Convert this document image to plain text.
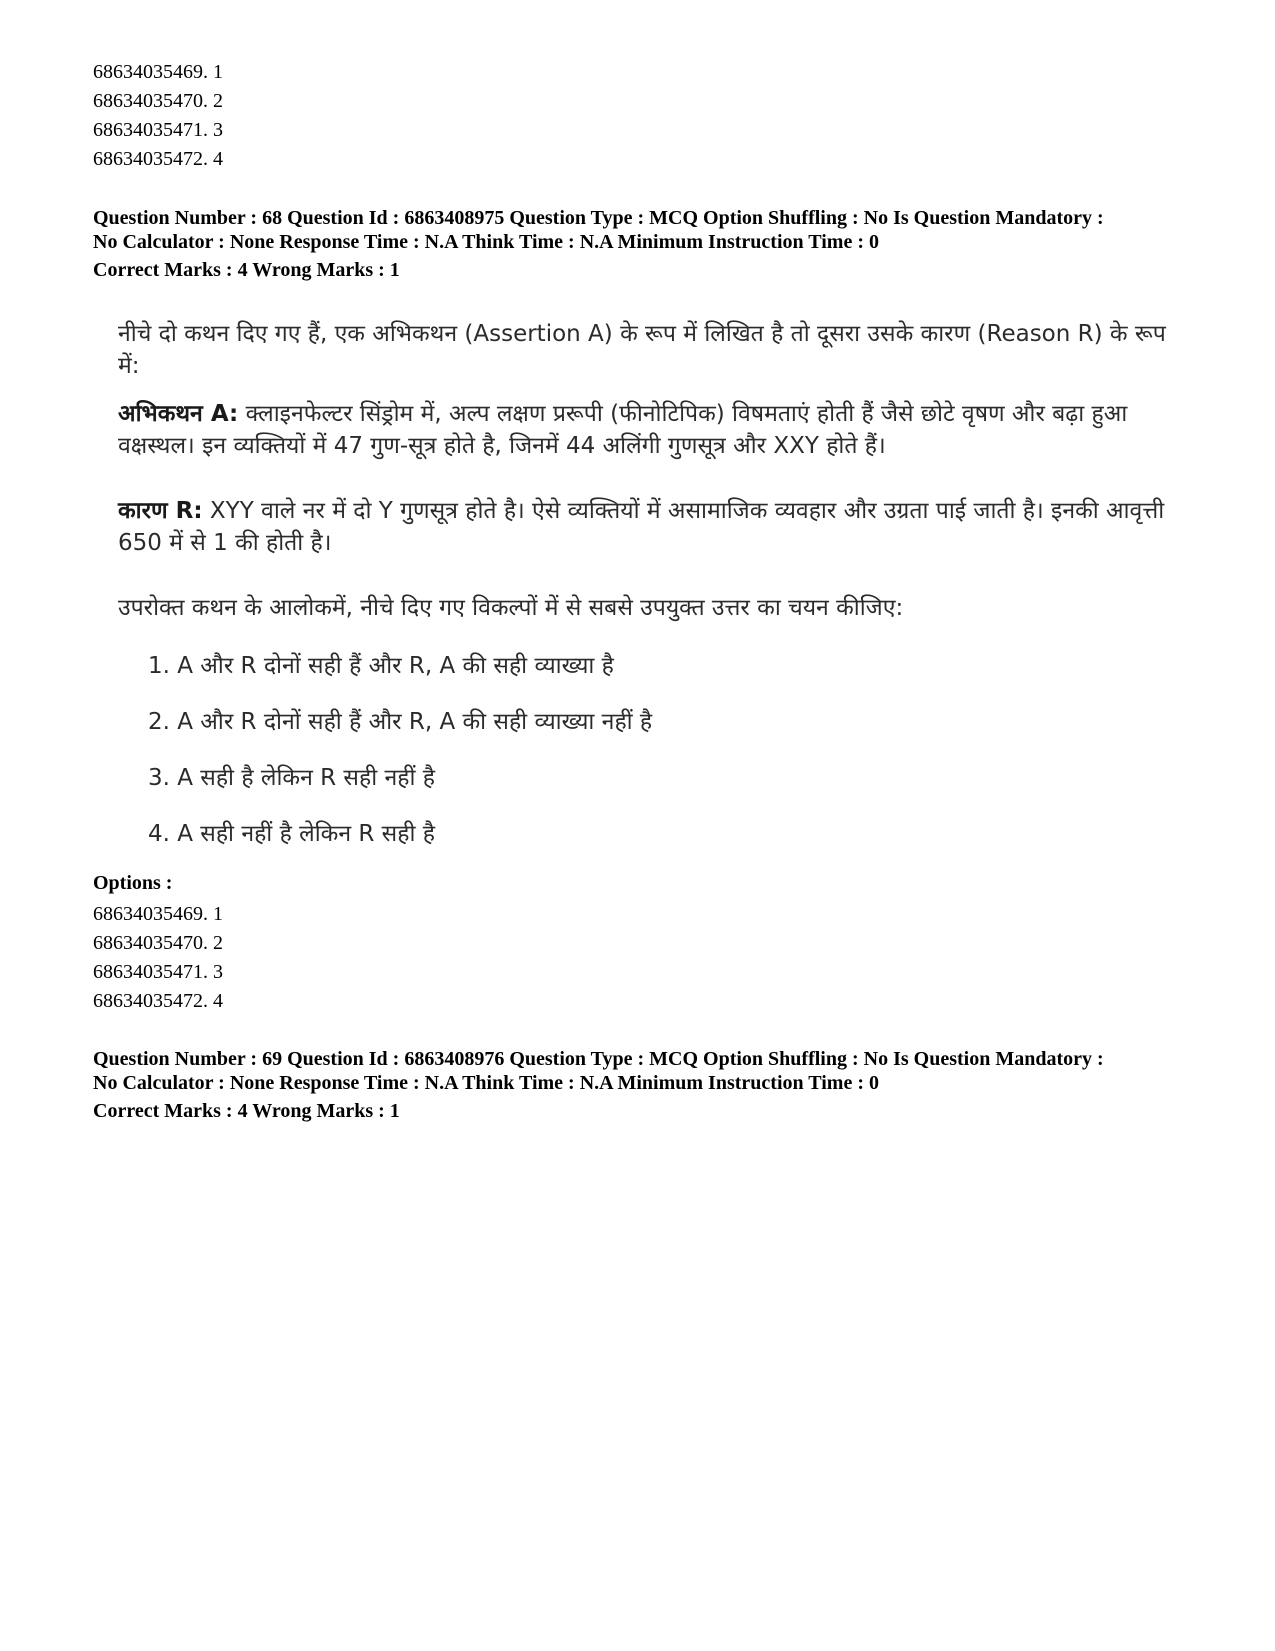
68634035469. 1
68634035470. 2
68634035471. 3
68634035472. 4
Question Number : 68 Question Id : 6863408975 Question Type : MCQ Option Shuffling : No Is Question Mandatory :
No Calculator : None Response Time : N.A Think Time : N.A Minimum Instruction Time : 0
Correct Marks : 4 Wrong Marks : 1

नीचे दो कथन दिए गए हैं, एक अभिकथन (Assertion A) के रूप में लिखित है तो दूसरा उसके कारण (Reason R) के रूप में:

अभिकथन A: क्लाइनफेल्टर सिंड्रोम में, अल्प लक्षण प्ररूपी (फीनोटिपिक) विषमताएं होती हैं जैसे छोटे वृषण और बढ़ा हुआ वक्षस्थल। इन व्यक्तियों में 47 गुण-सूत्र होते है, जिनमें 44 अलिंगी गुणसूत्र और XXY होते हैं।

कारण R: XYY वाले नर में दो Y गुणसूत्र होते है। ऐसे व्यक्तियों में असामाजिक व्यवहार और उग्रता पाई जाती है। इनकी आवृत्ती 650 में से 1 की होती है।

उपरोक्त कथन के आलोकमें, नीचे दिए गए विकल्पों में से सबसे उपयुक्त उत्तर का चयन कीजिए:

1. A और R दोनों सही हैं और R, A की सही व्याख्या है
2. A और R दोनों सही हैं और R, A की सही व्याख्या नहीं है
3. A सही है लेकिन R सही नहीं है
4. A सही नहीं है लेकिन R सही है
Options :
68634035469. 1
68634035470. 2
68634035471. 3
68634035472. 4
Question Number : 69 Question Id : 6863408976 Question Type : MCQ Option Shuffling : No Is Question Mandatory :
No Calculator : None Response Time : N.A Think Time : N.A Minimum Instruction Time : 0
Correct Marks : 4 Wrong Marks : 1
